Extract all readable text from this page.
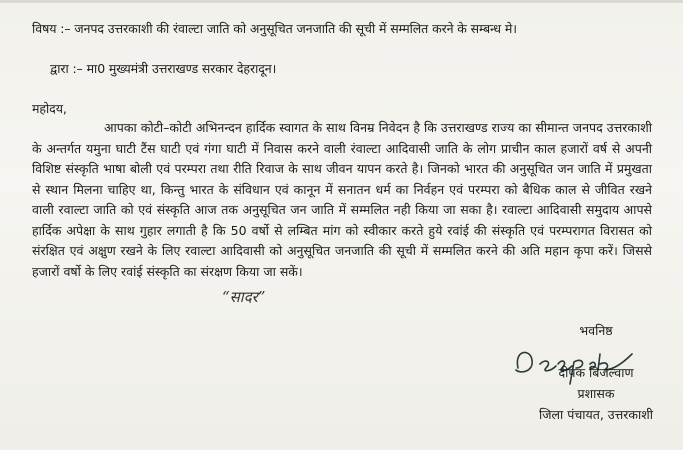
विषय :– जनपद उत्तरकाशी की रंवाल्टा जाति को अनुसूचित जनजाति की सूची में सम्मलित करने के सम्बन्ध मे।
द्वारा :– मा0 मुख्यमंत्री उत्तराखण्ड सरकार देहरादून।
महोदय,

आपका कोटी–कोटी अभिनन्दन हार्दिक स्वागत के साथ विनम्र निवेदन है कि उत्तराखण्ड राज्य का सीमान्त जनपद उत्तरकाशी के अन्तर्गत यमुना घाटी टैंस घाटी एवं गंगा घाटी में निवास करने वाली रंवाल्टा आदिवासी जाति के लोग प्राचीन काल हजारों वर्ष से अपनी विशिष्ट संस्कृति भाषा बोली एवं परम्परा तथा रीति रिवाज के साथ जीवन यापन करते है। जिनको भारत की अनुसूचित जन जाति में प्रमुखता से स्थान मिलना चाहिए था, किन्तु भारत के संविधान एवं कानून में सनातन धर्म का निर्वहन एवं परम्परा को बैधिक काल से जीवित रखने वाली रवाल्टा जाति को एवं संस्कृति आज तक अनुसूचित जन जाति में सम्मलित नही किया जा सका है। रवाल्टा आदिवासी समुदाय आपसे हार्दिक अपेक्षा के साथ गुहार लगाती है कि 50 वर्षो से लम्बित मांग को स्वीकार करते हुये रवांई की संस्कृति एवं परम्परागत विरासत को संरक्षित एवं अक्षुण रखने के लिए रवाल्टा आदिवासी को अनुसूचित जनजाति की सूची में सम्मलित करने की अति महान कृपा करें। जिससे हजारों वर्षो के लिए रवांई संस्कृति का संरक्षण किया जा सकें।

“सादर”
भवनिष्ठ
दीपक बिजल्वाण
प्रशासक
जिला पंचायत, उत्तरकाशी
